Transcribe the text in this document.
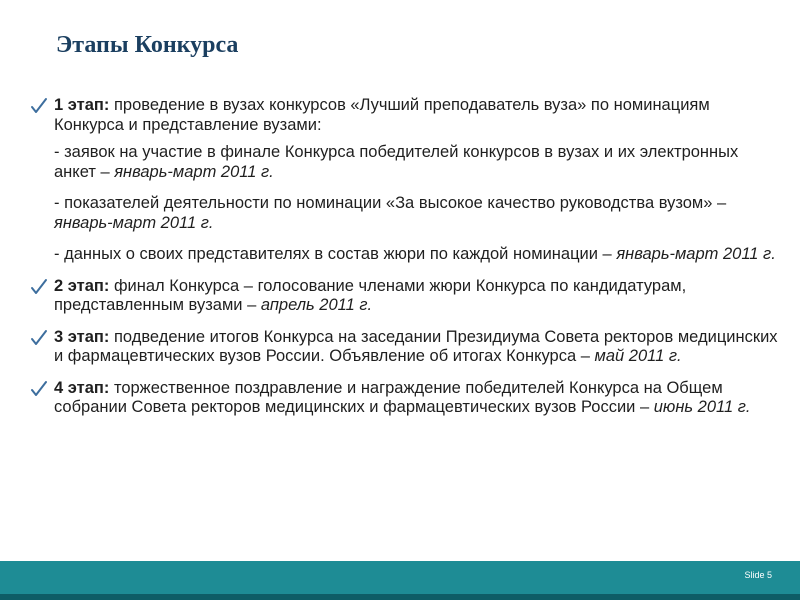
Этапы Конкурса
1 этап: проведение в вузах конкурсов «Лучший преподаватель вуза» по номинациям Конкурса и представление вузами:
- заявок на участие в финале Конкурса победителей конкурсов в вузах и их электронных анкет – январь-март 2011 г.
- показателей деятельности по номинации «За высокое качество руководства вузом» – январь-март 2011 г.
- данных о своих представителях в состав жюри по каждой номинации – январь-март 2011 г.
2 этап: финал Конкурса – голосование членами жюри Конкурса по кандидатурам, представленным вузами – апрель 2011 г.
3 этап: подведение итогов Конкурса на заседании Президиума Совета ректоров медицинских и фармацевтических вузов России. Объявление об итогах Конкурса – май 2011 г.
4 этап: торжественное поздравление и награждение победителей Конкурса на Общем собрании Совета ректоров медицинских и фармацевтических вузов России – июнь 2011 г.
Slide 5
